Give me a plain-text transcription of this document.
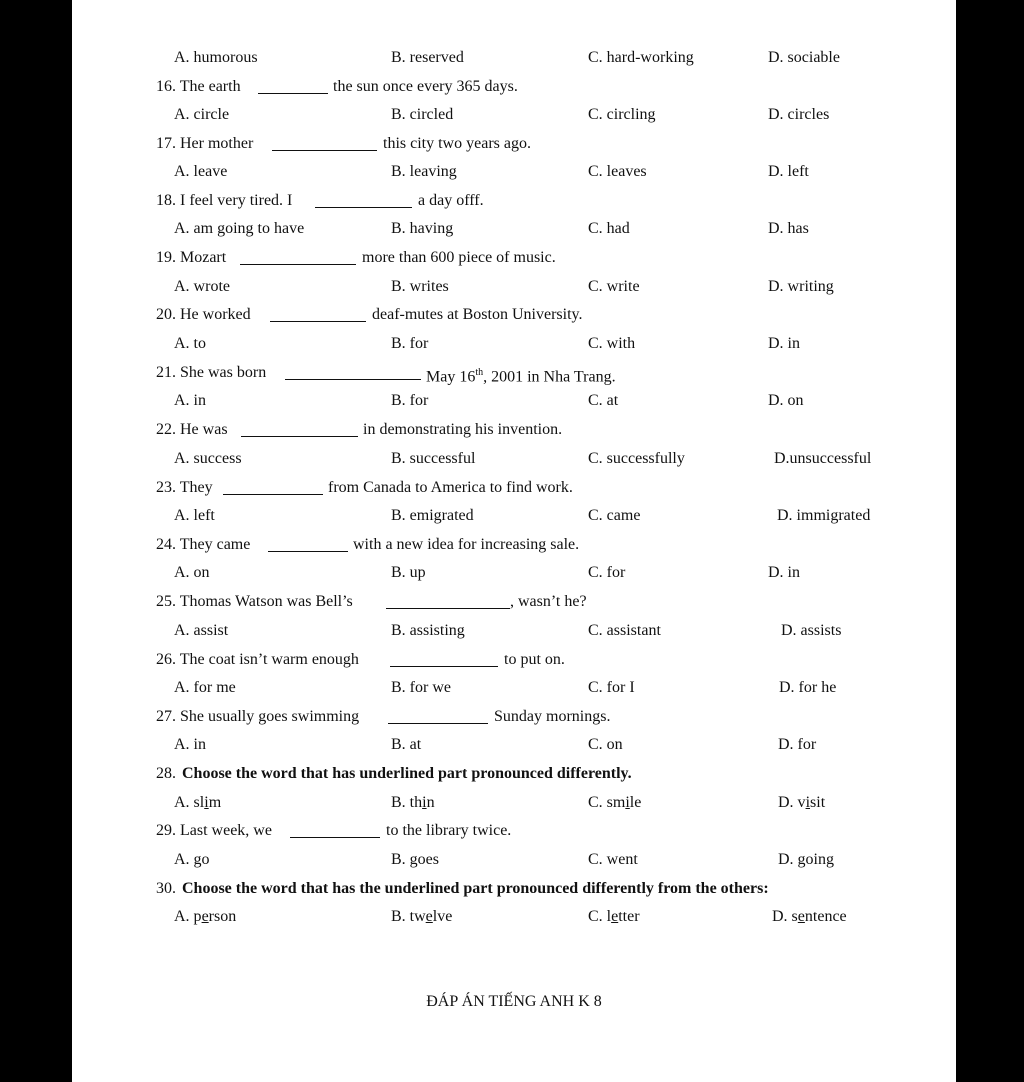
A. humorous	B. reserved	C. hard-working	D. sociable
16. The earth	the sun once every 365 days.
A. circle	B. circled	C. circling	D. circles
17. Her mother	this city two years ago.
A. leave	B. leaving	C. leaves	D. left
18. I feel very tired. I	a day offf.
A. am going to have	B. having	C. had	D. has
19. Mozart	more than 600 piece of music.
A. wrote	B. writes	C. write	D. writing
20. He worked	deaf-mutes at Boston University.
A. to	B. for	C. with	D. in
21. She was born	May 16th, 2001 in Nha Trang.
A. in	B. for	C. at	D. on
22. He was	in demonstrating his invention.
A. success	B. successful	C. successfully	D.unsuccessful
23. They	from Canada to America to find work.
A. left	B. emigrated	C. came	D. immigrated
24. They came	with a new idea for increasing sale.
A. on	B. up	C. for	D. in
25. Thomas Watson was Bell’s	, wasn’t he?
A. assist	B. assisting	C. assistant	D. assists
26. The coat isn’t warm enough	to put on.
A. for me	B. for we	C. for I	D. for he
27. She usually goes swimming	Sunday mornings.
A. in	B. at	C. on	D. for
28. Choose the word that has underlined part pronounced differently.
A. slim	B. thin	C. smile	D. visit
29. Last week, we	to the library twice.
A. go	B. goes	C. went	D. going
30. Choose the word that has the underlined part pronounced differently from the others:
A. person	B. twelve	C. letter	D. sentence
ĐÁP ÁN TIẾNG ANH K 8
